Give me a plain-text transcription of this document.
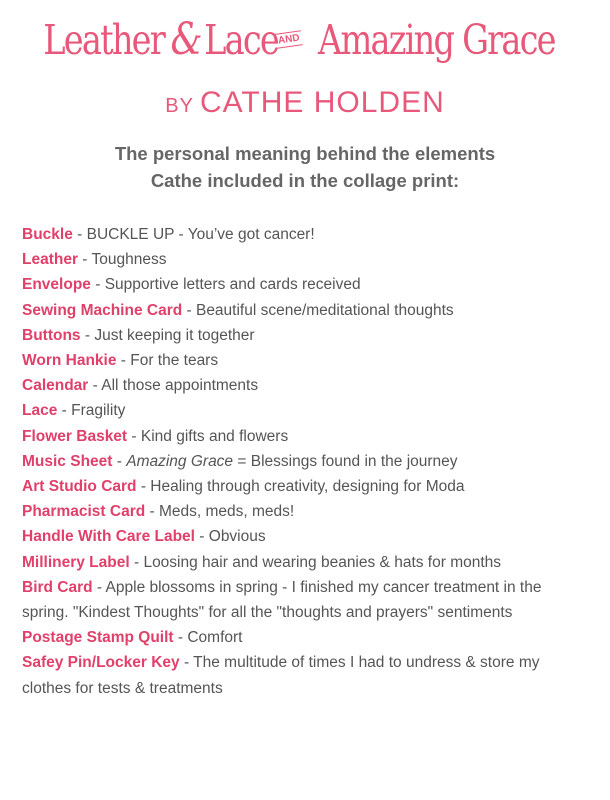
Leather &Lace AND Amazing Grace
BY CATHE HOLDEN
The personal meaning behind the elements
Cathe included in the collage print:

Buckle - BUCKLE UP - You’ve got cancer!

Leather - Toughness

Envelope - Supportive letters and cards received

Sewing Machine Card - Beautiful scene/meditational thoughts

Buttons - Just keeping it together

Worn Hankie - For the tears

Calendar - All those appointments

Lace - Fragility

Flower Basket - Kind gifts and flowers

Music Sheet - Amazing Grace = Blessings found in the journey

Art Studio Card - Healing through creativity, designing for Moda

Pharmacist Card - Meds, meds, meds!

Handle With Care Label - Obvious

Millinery Label - Loosing hair and wearing beanies & hats for months

Bird Card - Apple blossoms in spring - I finished my cancer treatment in the spring. "Kindest Thoughts" for all the "thoughts and prayers" sentiments

Postage Stamp Quilt - Comfort

Safey Pin/Locker Key - The multitude of times I had to undress & store my clothes for tests & treatments
